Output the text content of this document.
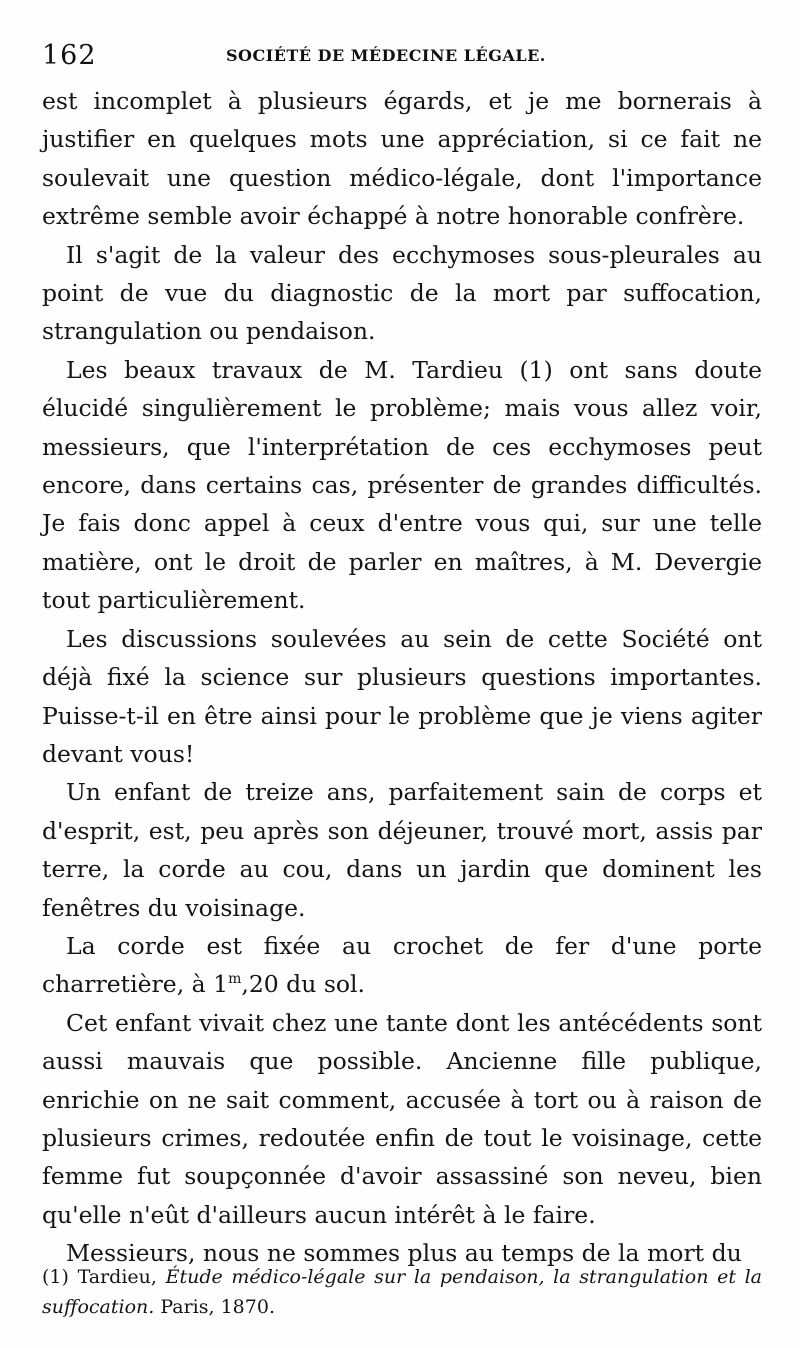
162	SOCIÉTÉ DE MÉDECINE LÉGALE.

est incomplet à plusieurs égards, et je me bornerais à justifier en quelques mots une appréciation, si ce fait ne soulevait une question médico-légale, dont l'importance extrême semble avoir échappé à notre honorable confrère.

Il s'agit de la valeur des ecchymoses sous-pleurales au point de vue du diagnostic de la mort par suffocation, strangulation ou pendaison.

Les beaux travaux de M. Tardieu (1) ont sans doute élucidé singulièrement le problème; mais vous allez voir, messieurs, que l'interprétation de ces ecchymoses peut encore, dans certains cas, présenter de grandes difficultés. Je fais donc appel à ceux d'entre vous qui, sur une telle matière, ont le droit de parler en maîtres, à M. Devergie tout particulièrement.

Les discussions soulevées au sein de cette Société ont déjà fixé la science sur plusieurs questions importantes. Puisse-t-il en être ainsi pour le problème que je viens agiter devant vous!

Un enfant de treize ans, parfaitement sain de corps et d'esprit, est, peu après son déjeuner, trouvé mort, assis par terre, la corde au cou, dans un jardin que dominent les fenêtres du voisinage.

La corde est fixée au crochet de fer d'une porte charretière, à 1$^m$,20 du sol.

Cet enfant vivait chez une tante dont les antécédents sont aussi mauvais que possible. Ancienne fille publique, enrichie on ne sait comment, accusée à tort ou à raison de plusieurs crimes, redoutée enfin de tout le voisinage, cette femme fut soupçonnée d'avoir assassiné son neveu, bien qu'elle n'eût d'ailleurs aucun intérêt à le faire.

Messieurs, nous ne sommes plus au temps de la mort du

(1) Tardieu, Étude médico-légale sur la pendaison, la strangulation et la suffocation. Paris, 1870.
